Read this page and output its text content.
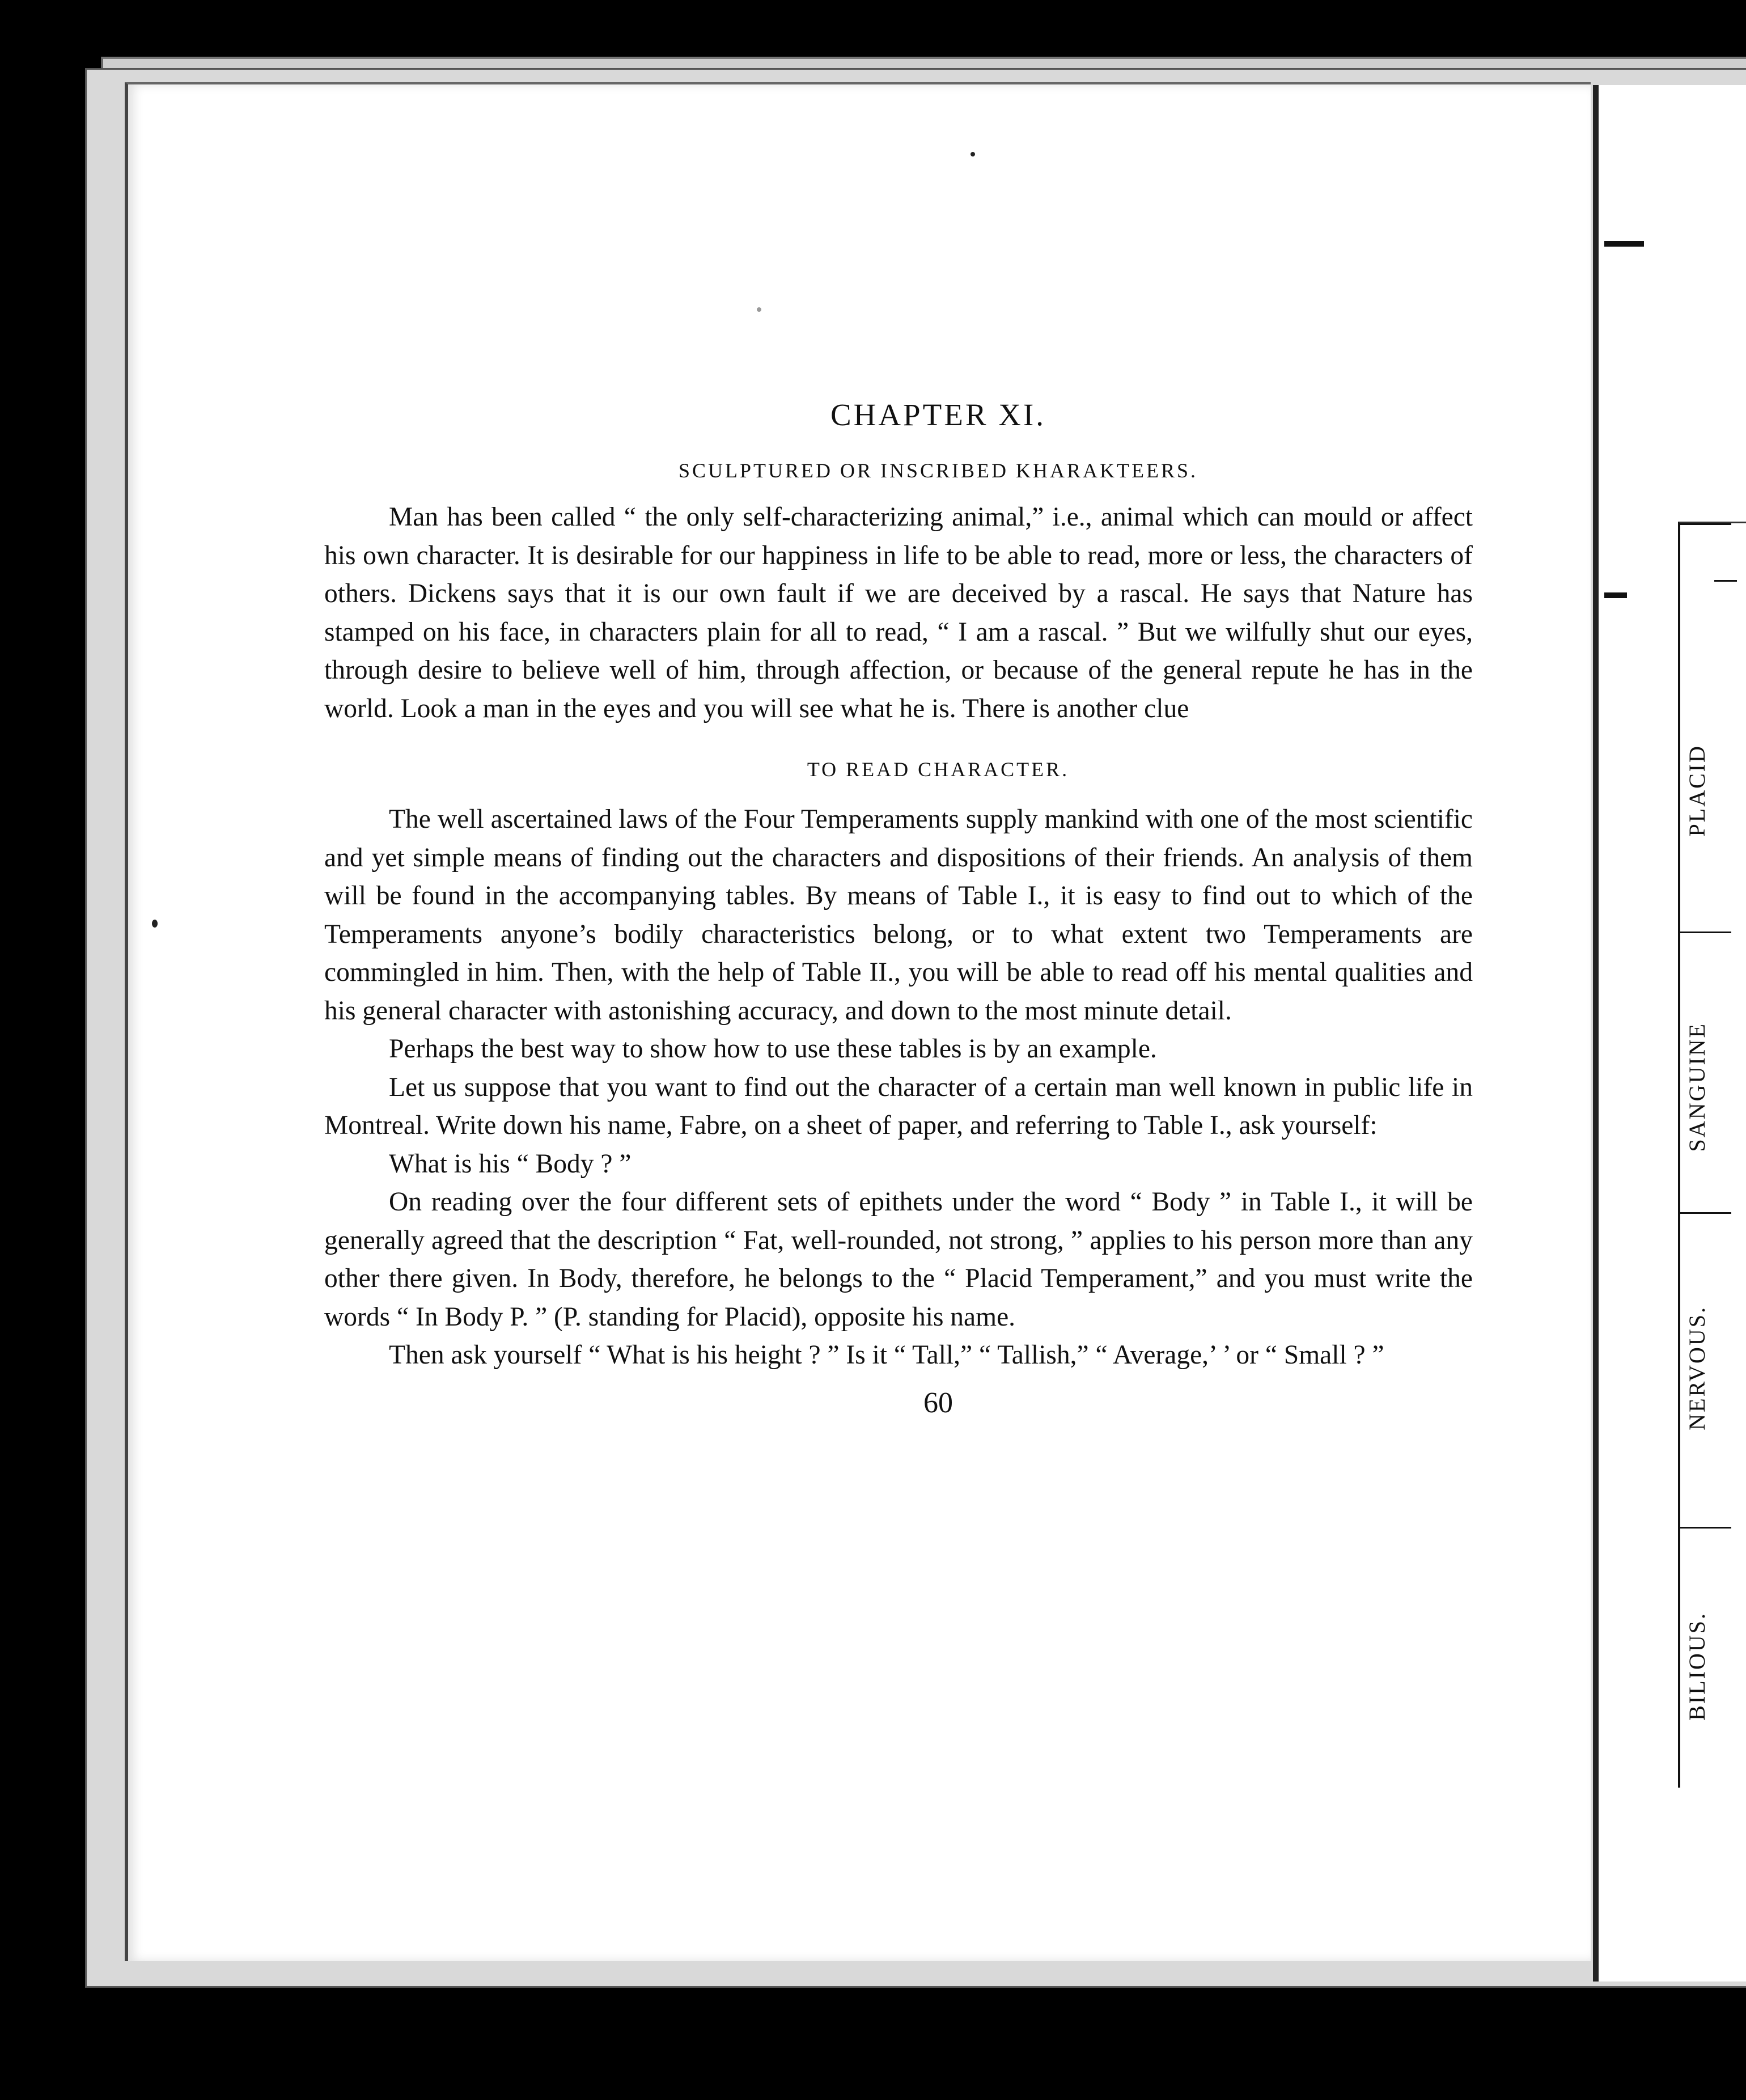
PLACID
SANGUINE
NERVOUS.
BILIOUS.
CHAPTER XI.
SCULPTURED OR INSCRIBED KHARAKTEERS.

Man has been called “ the only self-characterizing animal,” i.e., animal which can mould or affect his own character. It is desirable for our happiness in life to be able to read, more or less, the characters of others. Dickens says that it is our own fault if we are deceived by a rascal. He says that Nature has stamped on his face, in characters plain for all to read, “ I am a rascal. ” But we wilfully shut our eyes, through desire to believe well of him, through affection, or because of the general repute he has in the world. Look a man in the eyes and you will see what he is. There is another clue

TO READ CHARACTER.

The well ascertained laws of the Four Temperaments supply mankind with one of the most scientific and yet simple means of finding out the characters and dispositions of their friends. An analysis of them will be found in the accompanying tables. By means of Table I., it is easy to find out to which of the Temperaments anyone’s bodily characteristics belong, or to what extent two Temperaments are commingled in him. Then, with the help of Table II., you will be able to read off his mental qualities and his general character with astonishing accuracy, and down to the most minute detail.

Perhaps the best way to show how to use these tables is by an example.

Let us suppose that you want to find out the character of a certain man well known in public life in Montreal. Write down his name, Fabre, on a sheet of paper, and referring to Table I., ask yourself:

What is his “ Body ? ”

On reading over the four different sets of epithets under the word “ Body ” in Table I., it will be generally agreed that the description “ Fat, well-rounded, not strong, ” applies to his person more than any other there given. In Body, therefore, he belongs to the “ Placid Temperament,” and you must write the words “ In Body P. ” (P. standing for Placid), opposite his name.

Then ask yourself “ What is his height ? ” Is it “ Tall,” “ Tallish,” “ Average,’ ’ or “ Small ? ”

60
